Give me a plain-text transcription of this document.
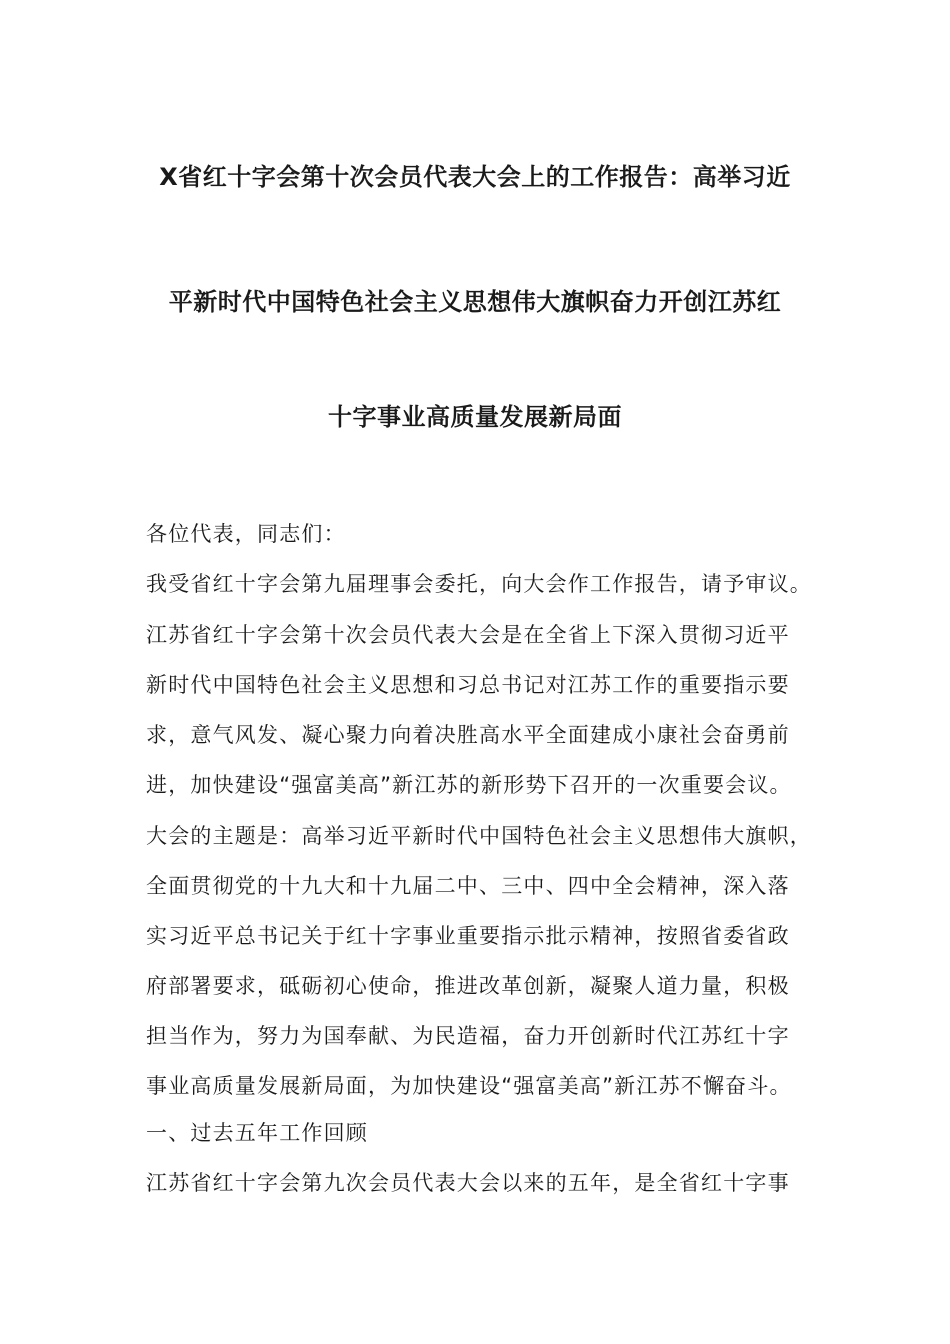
X省红十字会第十次会员代表大会上的工作报告：高举习近
平新时代中国特色社会主义思想伟大旗帜奋力开创江苏红
十字事业高质量发展新局面
各位代表，同志们：
我受省红十字会第九届理事会委托，向大会作工作报告，请予审议。
江苏省红十字会第十次会员代表大会是在全省上下深入贯彻习近平
新时代中国特色社会主义思想和习总书记对江苏工作的重要指示要
求，意气风发、凝心聚力向着决胜高水平全面建成小康社会奋勇前
进，加快建设“强富美高”新江苏的新形势下召开的一次重要会议。
大会的主题是：高举习近平新时代中国特色社会主义思想伟大旗帜，
全面贯彻党的十九大和十九届二中、三中、四中全会精神，深入落
实习近平总书记关于红十字事业重要指示批示精神，按照省委省政
府部署要求，砥砺初心使命，推进改革创新，凝聚人道力量，积极
担当作为，努力为国奉献、为民造福，奋力开创新时代江苏红十字
事业高质量发展新局面，为加快建设“强富美高”新江苏不懈奋斗。
一、过去五年工作回顾
江苏省红十字会第九次会员代表大会以来的五年，是全省红十字事
